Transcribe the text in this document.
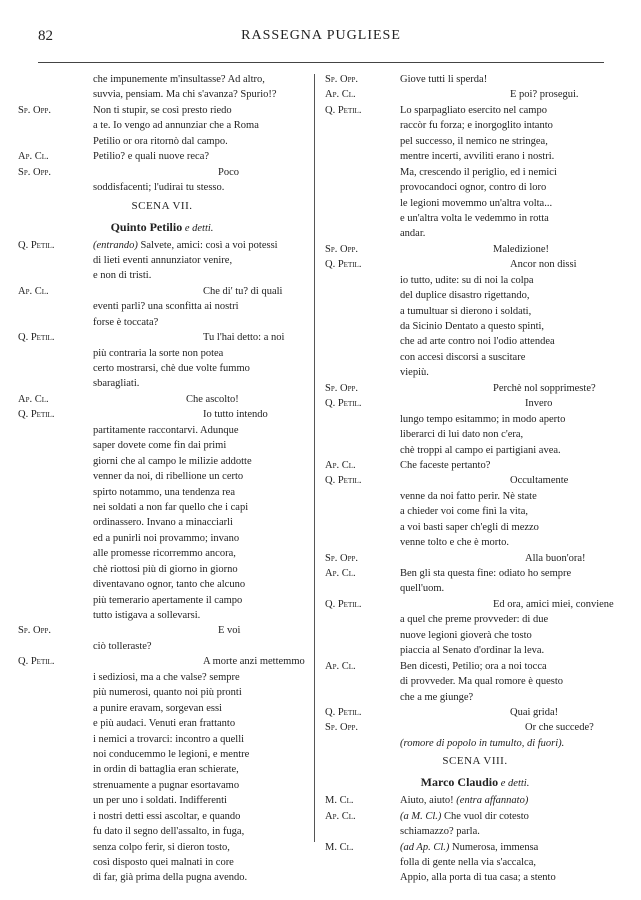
82	RASSEGNA PUGLIESE
che impunemente m'insultasse? Ad altro,
suvvia, pensiam. Ma chi s'avanza? Spurio!?
Sp. Opp.	Non ti stupir, se così presto riedo
a te. Io vengo ad annunziar che a Roma
Petilio or ora ritornò dal campo.
Ap. Cl.	Petilio? e quali nuove reca?
Sp. Opp.	Poco
soddisfacenti; l'udirai tu stesso.
SCENA VII.
Quinto Petilio e detti.
Q. Petil.	(entrando) Salvete, amici: così a voi potessi
di lieti eventi annunziator venire,
e non di tristi.
Ap. Cl.	Che di' tu? di quali
eventi parli? una sconfitta ai nostri
forse è toccata?
Q. Petil.	Tu l'hai detto: a noi
più contraria la sorte non potea
certo mostrarsi, chè due volte fummo
sbaragliati.
Ap. Cl.	Che ascolto!
Q. Petil.	Io tutto intendo
partitamente raccontarvi. Adunque
saper dovete come fin dai primi
giorni che al campo le milizie addotte
venner da noi, di ribellione un certo
spirto notammo, una tendenza rea
nei soldati a non far quello che i capi
ordinassero. Invano a minacciarli
ed a punirli noi provammo; invano
alle promesse ricorremmo ancora,
chè riottosi più di giorno in giorno
diventavano ognor, tanto che alcuno
più temerario apertamente il campo
tutto istigava a sollevarsi.
Sp. Opp.	E voi
ciò tolleraste?
Q. Petil.	A morte anzi mettemmo
i sediziosi, ma a che valse? sempre
più numerosi, quanto noi più pronti
a punire eravam, sorgevan essi
e più audaci. Venuti eran frattanto
i nemici a trovarci: incontro a quelli
noi conducemmo le legioni, e mentre
in ordin di battaglia eran schierate,
strenuamente a pugnar esortavamo
un per uno i soldati. Indifferenti
i nostri detti essi ascoltar, e quando
fu dato il segno dell'assalto, in fuga,
senza colpo ferir, si dieron tosto,
così disposto quei malnati in core
di far, già prima della pugna avendo.
Sp. Opp.	Giove tutti li sperda!
Ap. Cl.	E poi? prosegui.
Q. Petil.	Lo sparpagliato esercito nel campo
raccòr fu forza; e inorgoglito intanto
pel successo, il nemico ne stringea,
mentre incerti, avviliti erano i nostri.
Ma, crescendo il periglio, ed i nemici
provocandoci ognor, contro di loro
le legioni movemmo un'altra volta...
e un'altra volta le vedemmo in rotta
andar.
Sp. Opp.	Maledizione!
Q. Petil.	Ancor non dissi
io tutto, udite: su di noi la colpa
del duplice disastro rigettando,
a tumultuar si dierono i soldati,
da Sicinio Dentato a questo spinti,
che ad arte contro noi l'odio attendea
con accesi discorsi a suscitare
viepiù.
Sp. Opp.	Perchè nol sopprimeste?
Q. Petil.	Invero
lungo tempo esitammo; in modo aperto
liberarci di lui dato non c'era,
chè troppi al campo ei partigiani avea.
Ap. Cl.	Che faceste pertanto?
Q. Petil.	Occultamente
venne da noi fatto perir. Nè state
a chieder voi come finì la vita,
a voi basti saper ch'egli di mezzo
venne tolto e che è morto.
Sp. Opp.	Alla buon'ora!
Ap. Cl.	Ben gli sta questa fine: odiato ho sempre
quell'uom.
Q. Petil.	Ed ora, amici miei, conviene
a quel che preme provveder: di due
nuove legioni gioverà che tosto
piaccia al Senato d'ordinar la leva.
Ap. Cl.	Ben dicesti, Petilio; ora a noi tocca
di provveder. Ma qual romore è questo
che a me giunge?
Q. Petil.	Quai grida!
Sp. Opp.	Or che succede?
(romore di popolo in tumulto, di fuori).
SCENA VIII.
Marco Claudio e detti.
M. Cl.	Aiuto, aiuto! (entra affannato)
Ap. Cl.	(a M. Cl.) Che vuol dir cotesto
schiamazzo? parla.
M. Cl.	(ad Ap. Cl.) Numerosa, immensa
folla di gente nella via s'accalca,
Appio, alla porta di tua casa; a stento
